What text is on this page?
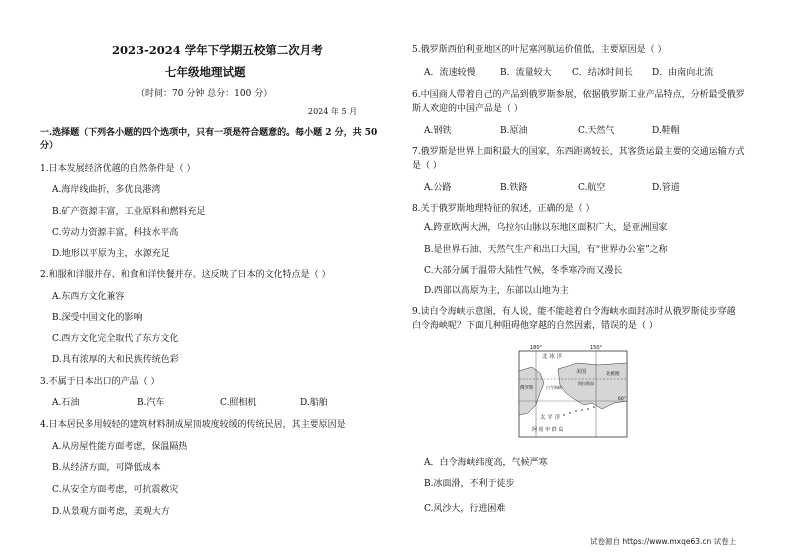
2023-2024 学年下学期五校第二次月考
七年级地理试题
（时间：70 分钟 总分：100 分）
2024 年 5 月
一.选择题（下列各小题的四个选项中，只有一项是符合题意的。每小题 2 分，共 50 分）
1.日本发展经济优越的自然条件是（ ）
A.海岸线曲折，多优良港湾
B.矿产资源丰富，工业原料和燃料充足
C.劳动力资源丰富，科技水平高
D.地形以平原为主，水源充足
2.和服和洋服并存、和食和洋快餐并存。这反映了日本的文化特点是（ ）
A.东西方文化兼容
B.深受中国文化的影响
C.西方文化完全取代了东方文化
D.具有浓厚的大和民族传统色彩
3.不属于日本出口的产品（ ）
A.石油	B.汽车	C.照相机	D.船舶
4.日本居民多用较轻的建筑材料制成屋顶坡度较缓的传统民居，其主要原因是
A.从房屋性能方面考虑，保温隔热
B.从经济方面，可降低成本
C.从安全方面考虑，可抗震救灾
D.从景观方面考虑，美观大方
5.俄罗斯西伯利亚地区的叶尼塞河航运价值低，主要原因是（ ）
A．流速较慢	B．流量较大 C．结冰时间长 D．由南向北流
6.中国商人带着自己的产品到俄罗斯参展，依据俄罗斯工业产品特点，分析最受俄罗
斯人欢迎的中国产品是（ ）
A.钢铁	B.原油	C.天然气	D.鞋帽
7.俄罗斯是世界上面积最大的国家，东西距离较长，其客货运最主要的交通运输方式
是（ ）
A.公路	B.铁路	C.航空	D.管道
8.关于俄罗斯地理特征的叙述，正确的是（ ）
A.跨亚欧两大洲，乌拉尔山脉以东地区面积广大，是亚洲国家
B.是世界石油、天然气生产和出口大国，有“世界办公室”之称
C.大部分属于温带大陆性气候，冬季寒冷而又漫长
D.西部以高原为主，东部以山地为主
9.读白令海峡示意图，有人说，能不能趁着白令海峡水面封冻时从俄罗斯徒步穿越
白令海峡呢？下面几种阻碍他穿越的自然因素，错误的是（ ）
A．白令海峡纬度高，气候严寒
B.冰面滑，不利于徒步
C.风沙大，行进困难
180°	150°
北 冰 洋
美国
阿拉斯加
北极圈
俄罗斯	白令海峡
60°
太 平 洋
阿 留 申 群 岛
试卷源自 https://www.mxqe63.cn 试卷上
